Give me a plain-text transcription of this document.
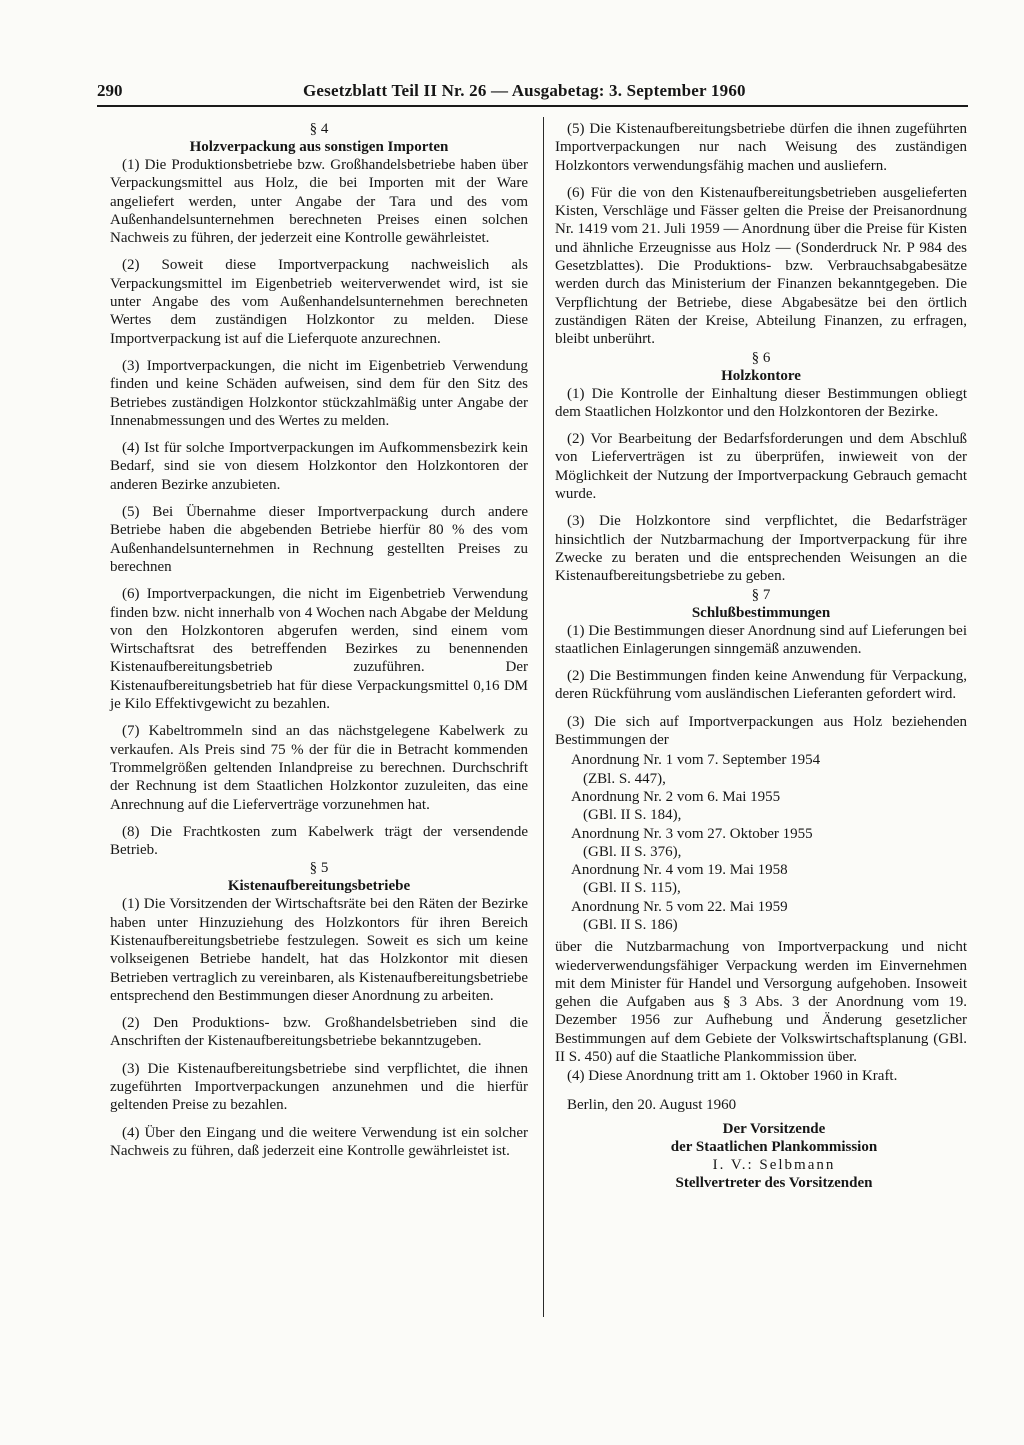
290	Gesetzblatt Teil II Nr. 26 — Ausgabetag: 3. September 1960
§ 4
Holzverpackung aus sonstigen Importen

(1) Die Produktionsbetriebe bzw. Großhandelsbetriebe haben über Verpackungsmittel aus Holz, die bei Importen mit der Ware angeliefert werden, unter Angabe der Tara und des vom Außenhandelsunternehmen berechneten Preises einen solchen Nachweis zu führen, der jederzeit eine Kontrolle gewährleistet.

(2) Soweit diese Importverpackung nachweislich als Verpackungsmittel im Eigenbetrieb weiterverwendet wird, ist sie unter Angabe des vom Außenhandelsunternehmen berechneten Wertes dem zuständigen Holzkontor zu melden. Diese Importverpackung ist auf die Lieferquote anzurechnen.

(3) Importverpackungen, die nicht im Eigenbetrieb Verwendung finden und keine Schäden aufweisen, sind dem für den Sitz des Betriebes zuständigen Holzkontor stückzahlmäßig unter Angabe der Innenabmessungen und des Wertes zu melden.

(4) Ist für solche Importverpackungen im Aufkommensbezirk kein Bedarf, sind sie von diesem Holzkontor den Holzkontoren der anderen Bezirke anzubieten.

(5) Bei Übernahme dieser Importverpackung durch andere Betriebe haben die abgebenden Betriebe hierfür 80 % des vom Außenhandelsunternehmen in Rechnung gestellten Preises zu berechnen

(6) Importverpackungen, die nicht im Eigenbetrieb Verwendung finden bzw. nicht innerhalb von 4 Wochen nach Abgabe der Meldung von den Holzkontoren abgerufen werden, sind einem vom Wirtschaftsrat des betreffenden Bezirkes zu benennenden Kistenaufbereitungsbetrieb zuzuführen. Der Kistenaufbereitungsbetrieb hat für diese Verpackungsmittel 0,16 DM je Kilo Effektivgewicht zu bezahlen.

(7) Kabeltrommeln sind an das nächstgelegene Kabelwerk zu verkaufen. Als Preis sind 75 % der für die in Betracht kommenden Trommelgrößen geltenden Inlandpreise zu berechnen. Durchschrift der Rechnung ist dem Staatlichen Holzkontor zuzuleiten, das eine Anrechnung auf die Lieferverträge vorzunehmen hat.

(8) Die Frachtkosten zum Kabelwerk trägt der versendende Betrieb.

§ 5
Kistenaufbereitungsbetriebe

(1) Die Vorsitzenden der Wirtschaftsräte bei den Räten der Bezirke haben unter Hinzuziehung des Holzkontors für ihren Bereich Kistenaufbereitungsbetriebe festzulegen. Soweit es sich um keine volkseigenen Betriebe handelt, hat das Holzkontor mit diesen Betrieben vertraglich zu vereinbaren, als Kistenaufbereitungsbetriebe entsprechend den Bestimmungen dieser Anordnung zu arbeiten.

(2) Den Produktions- bzw. Großhandelsbetrieben sind die Anschriften der Kistenaufbereitungsbetriebe bekanntzugeben.

(3) Die Kistenaufbereitungsbetriebe sind verpflichtet, die ihnen zugeführten Importverpackungen anzunehmen und die hierfür geltenden Preise zu bezahlen.

(4) Über den Eingang und die weitere Verwendung ist ein solcher Nachweis zu führen, daß jederzeit eine Kontrolle gewährleistet ist.

(5) Die Kistenaufbereitungsbetriebe dürfen die ihnen zugeführten Importverpackungen nur nach Weisung des zuständigen Holzkontors verwendungsfähig machen und ausliefern.

(6) Für die von den Kistenaufbereitungsbetrieben ausgelieferten Kisten, Verschläge und Fässer gelten die Preise der Preisanordnung Nr. 1419 vom 21. Juli 1959 — Anordnung über die Preise für Kisten und ähnliche Erzeugnisse aus Holz — (Sonderdruck Nr. P 984 des Gesetzblattes). Die Produktions- bzw. Verbrauchsabgabesätze werden durch das Ministerium der Finanzen bekanntgegeben. Die Verpflichtung der Betriebe, diese Abgabesätze bei den örtlich zuständigen Räten der Kreise, Abteilung Finanzen, zu erfragen, bleibt unberührt.

§ 6
Holzkontore

(1) Die Kontrolle der Einhaltung dieser Bestimmungen obliegt dem Staatlichen Holzkontor und den Holzkontoren der Bezirke.

(2) Vor Bearbeitung der Bedarfsforderungen und dem Abschluß von Lieferverträgen ist zu überprüfen, inwieweit von der Möglichkeit der Nutzung der Importverpackung Gebrauch gemacht wurde.

(3) Die Holzkontore sind verpflichtet, die Bedarfsträger hinsichtlich der Nutzbarmachung der Importverpackung für ihre Zwecke zu beraten und die entsprechenden Weisungen an die Kistenaufbereitungsbetriebe zu geben.

§ 7
Schlußbestimmungen

(1) Die Bestimmungen dieser Anordnung sind auf Lieferungen bei staatlichen Einlagerungen sinngemäß anzuwenden.

(2) Die Bestimmungen finden keine Anwendung für Verpackung, deren Rückführung vom ausländischen Lieferanten gefordert wird.

(3) Die sich auf Importverpackungen aus Holz beziehenden Bestimmungen der

Anordnung Nr. 1 vom 7. September 1954
(ZBl. S. 447),
Anordnung Nr. 2 vom 6. Mai 1955
(GBl. II S. 184),
Anordnung Nr. 3 vom 27. Oktober 1955
(GBl. II S. 376),
Anordnung Nr. 4 vom 19. Mai 1958
(GBl. II S. 115),
Anordnung Nr. 5 vom 22. Mai 1959
(GBl. II S. 186)

über die Nutzbarmachung von Importverpackung und nicht wiederverwendungsfähiger Verpackung werden im Einvernehmen mit dem Minister für Handel und Versorgung aufgehoben. Insoweit gehen die Aufgaben aus § 3 Abs. 3 der Anordnung vom 19. Dezember 1956 zur Aufhebung und Änderung gesetzlicher Bestimmungen auf dem Gebiete der Volkswirtschaftsplanung (GBl. II S. 450) auf die Staatliche Plankommission über.

(4) Diese Anordnung tritt am 1. Oktober 1960 in Kraft.

Berlin, den 20. August 1960
Der Vorsitzende
der Staatlichen Plankommission
I. V.: Selbmann
Stellvertreter des Vorsitzenden
